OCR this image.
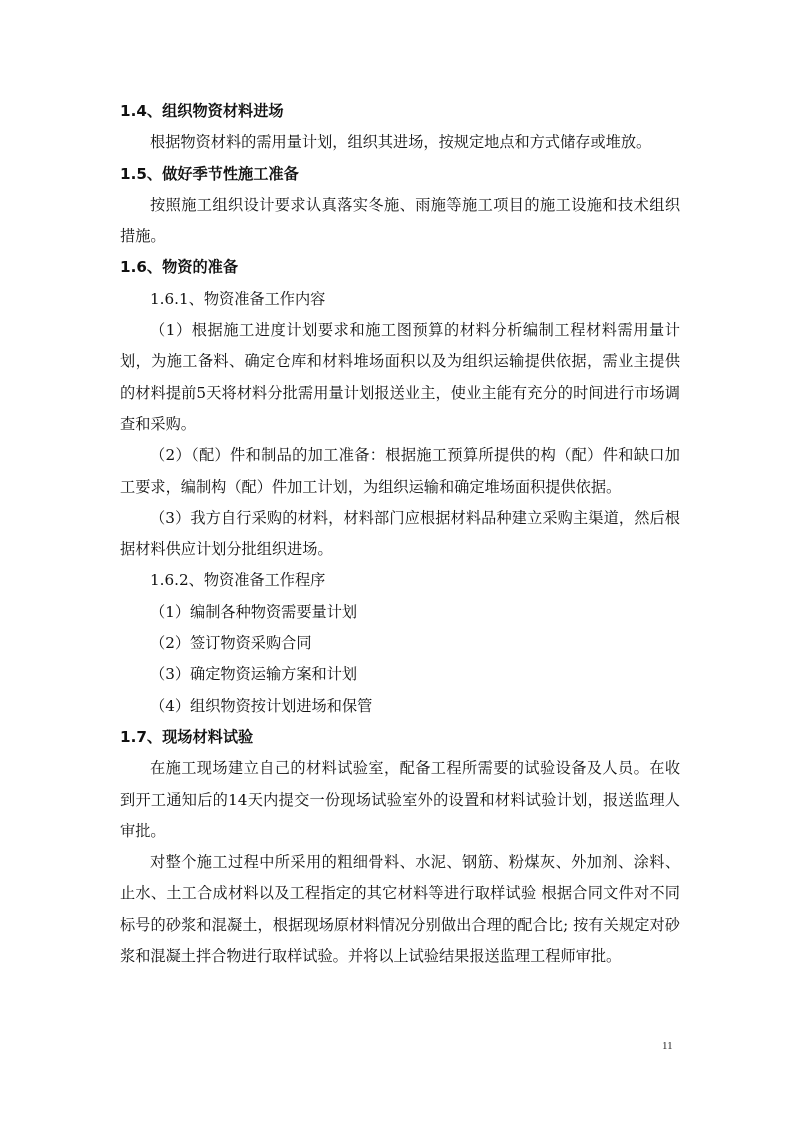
1.4、组织物资材料进场
根据物资材料的需用量计划，组织其进场，按规定地点和方式储存或堆放。
1.5、做好季节性施工准备
按照施工组织设计要求认真落实冬施、雨施等施工项目的施工设施和技术组织措施。
1.6、物资的准备
1.6.1、物资准备工作内容
（1）根据施工进度计划要求和施工图预算的材料分析编制工程材料需用量计划，为施工备料、确定仓库和材料堆场面积以及为组织运输提供依据，需业主提供的材料提前5天将材料分批需用量计划报送业主，使业主能有充分的时间进行市场调查和采购。
（2）（配）件和制品的加工准备：根据施工预算所提供的构（配）件和缺口加工要求，编制构（配）件加工计划，为组织运输和确定堆场面积提供依据。
（3）我方自行采购的材料，材料部门应根据材料品种建立采购主渠道，然后根据材料供应计划分批组织进场。
1.6.2、物资准备工作程序
（1）编制各种物资需要量计划
（2）签订物资采购合同
（3）确定物资运输方案和计划
（4）组织物资按计划进场和保管
1.7、现场材料试验
在施工现场建立自己的材料试验室，配备工程所需要的试验设备及人员。在收到开工通知后的14天内提交一份现场试验室外的设置和材料试验计划，报送监理人审批。
对整个施工过程中所采用的粗细骨料、水泥、钢筋、粉煤灰、外加剂、涂料、止水、土工合成材料以及工程指定的其它材料等进行取样试验 根据合同文件对不同标号的砂浆和混凝土，根据现场原材料情况分别做出合理的配合比; 按有关规定对砂浆和混凝土拌合物进行取样试验。并将以上试验结果报送监理工程师审批。
11
